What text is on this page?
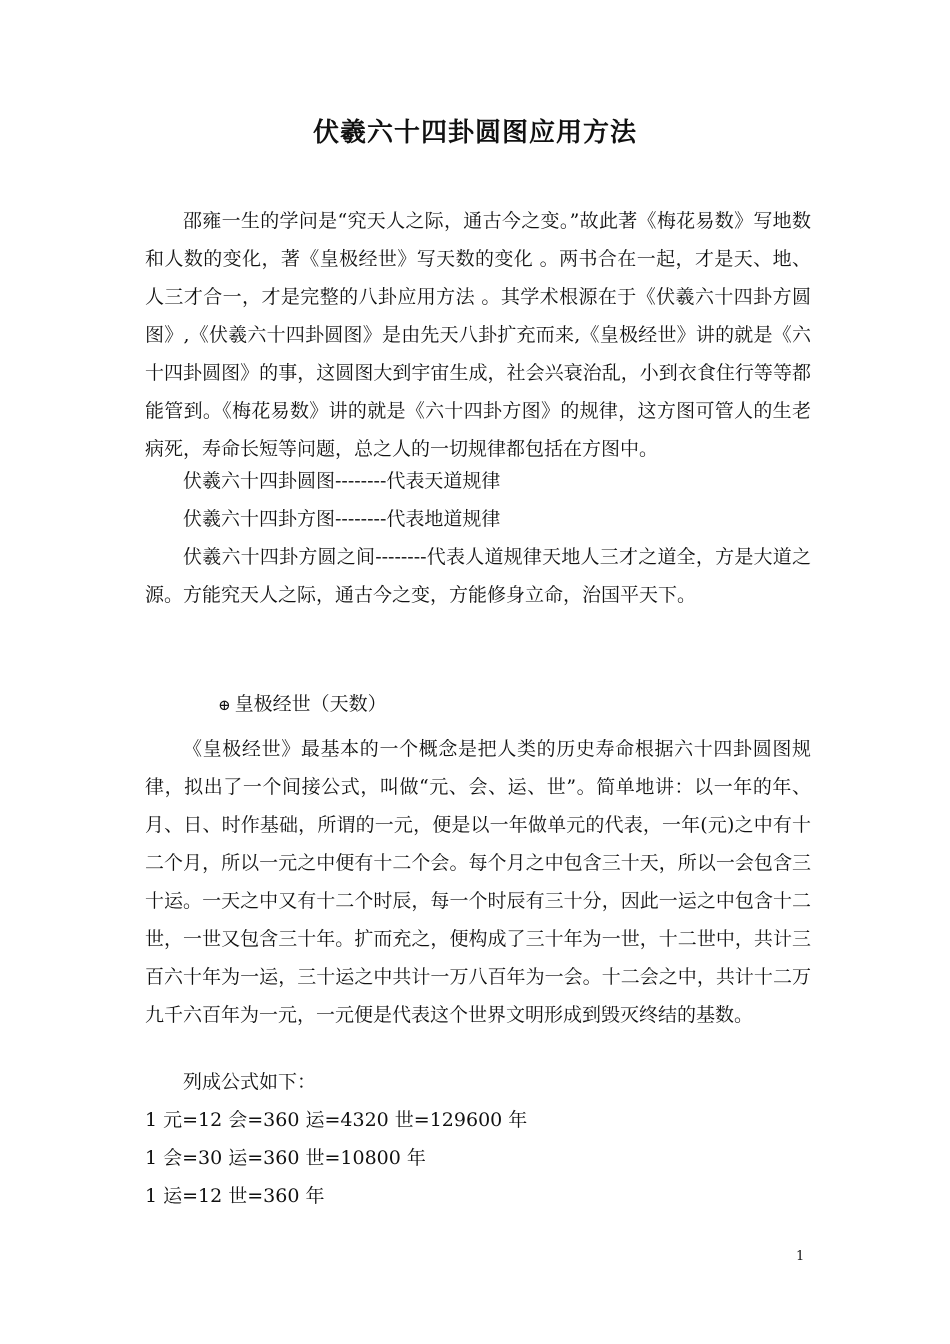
伏羲六十四卦圆图应用方法

邵雍一生的学问是“究天人之际，通古今之变。”故此著《梅花易数》写地数和人数的变化，著《皇极经世》写天数的变化 。两书合在一起，才是天、地、人三才合一，才是完整的八卦应用方法 。其学术根源在于《伏羲六十四卦方圆图》,《伏羲六十四卦圆图》是由先天八卦扩充而来,《皇极经世》讲的就是《六十四卦圆图》的事，这圆图大到宇宙生成，社会兴衰治乱，小到衣食住行等等都能管到。《梅花易数》讲的就是《六十四卦方图》的规律，这方图可管人的生老病死，寿命长短等问题，总之人的一切规律都包括在方图中。

伏羲六十四卦圆图--------代表天道规律

伏羲六十四卦方图--------代表地道规律

伏羲六十四卦方圆之间--------代表人道规律天地人三才之道全，方是大道之源。方能究天人之际，通古今之变，方能修身立命，治国平天下。

⊕ 皇极经世（天数）

《皇极经世》最基本的一个概念是把人类的历史寿命根据六十四卦圆图规律，拟出了一个间接公式，叫做“元、会、运、世”。简单地讲：以一年的年、月、日、时作基础，所谓的一元，便是以一年做单元的代表，一年(元)之中有十二个月，所以一元之中便有十二个会。每个月之中包含三十天，所以一会包含三十运。一天之中又有十二个时辰，每一个时辰有三十分，因此一运之中包含十二世，一世又包含三十年。扩而充之，便构成了三十年为一世，十二世中，共计三百六十年为一运，三十运之中共计一万八百年为一会。十二会之中，共计十二万九千六百年为一元，一元便是代表这个世界文明形成到毁灭终结的基数。

列成公式如下：

1 元=12 会=360 运=4320 世=129600 年

1 会=30 运=360 世=10800 年

1 运=12 世=360 年

1
